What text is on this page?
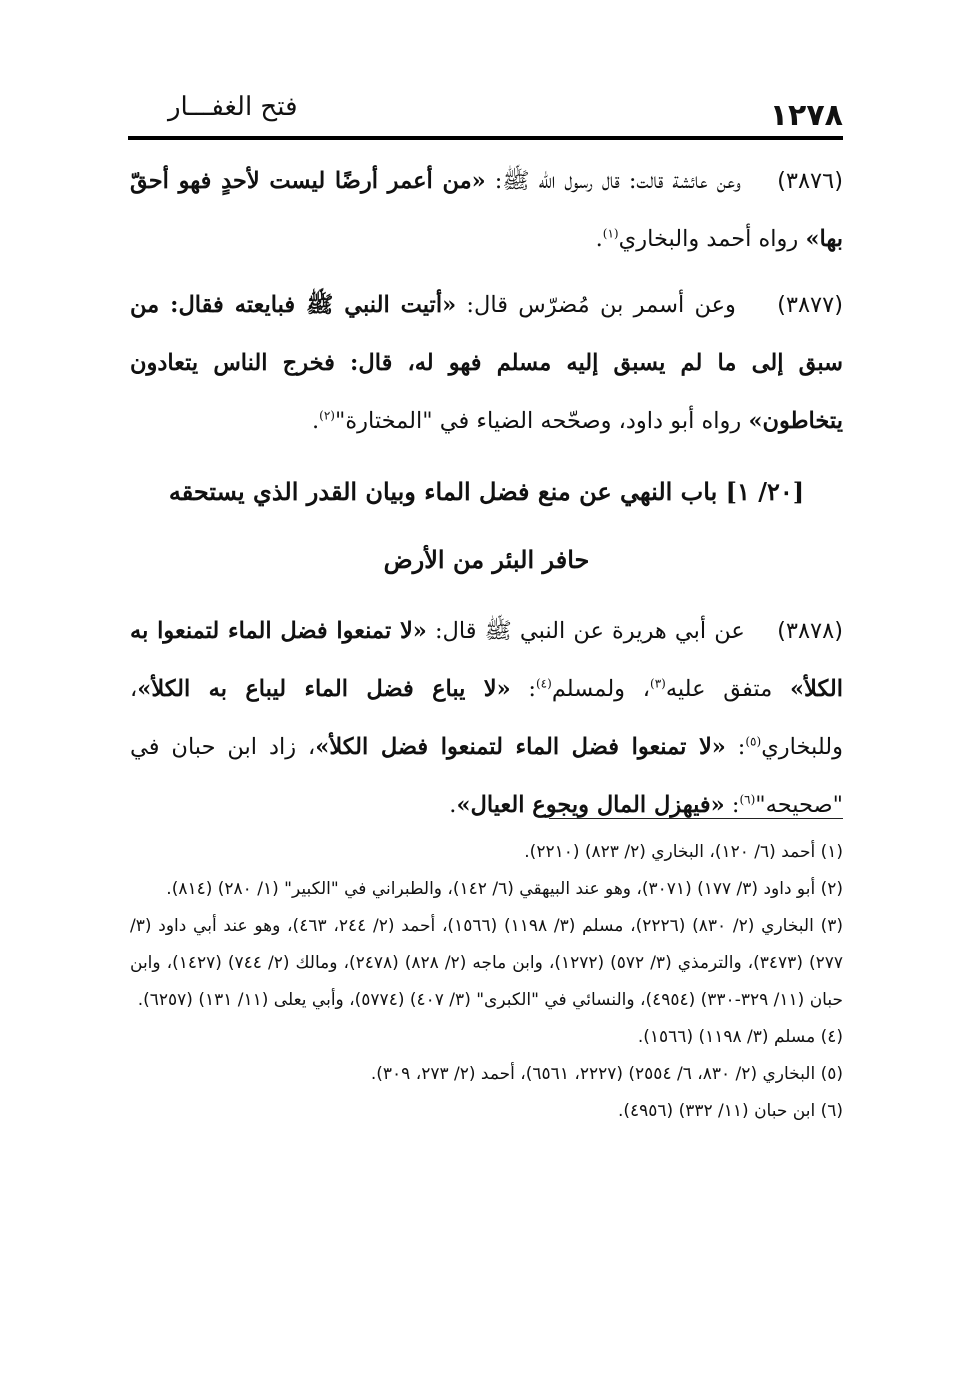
١٢٧٨
فتح الغفـــار

(٣٨٧٦)    وعن عائشة قالت: قال رسول الله ﷺ: «من أعمر أرضًا ليست لأحدٍ فهو أحقّ بها» رواه أحمد والبخاري$^{(١)}$.

(٣٨٧٧)    وعن أسمر بن مُضرّس قال: «أتيت النبي ﷺ فبايعته فقال: من سبق إلى ما لم يسبق إليه مسلم فهو له، قال: فخرج الناس يتعادون يتخاطون» رواه أبو داود، وصحّحه الضياء في "المختارة"$^{(٢)}$.

[٢٠/ ١] باب النهي عن منع فضل الماء وبيان القدر الذي يستحقه
حافر البئر من الأرض

(٣٨٧٨)    عن أبي هريرة عن النبي ﷺ قال: «لا تمنعوا فضل الماء لتمنعوا به الكلأ» متفق عليه$^{(٣)}$، ولمسلم$^{(٤)}$: «لا يباع فضل الماء ليباع به الكلأ»، وللبخاري$^{(٥)}$: «لا تمنعوا فضل الماء لتمنعوا فضل الكلأ»، زاد ابن حبان في "صحيحه"$^{(٦)}$: «فيهزل المال ويجوع العيال».

(١) أحمد (٦/ ١٢٠)، البخاري (٢/ ٨٢٣) (٢٢١٠).

(٢) أبو داود (٣/ ١٧٧) (٣٠٧١)، وهو عند البيهقي (٦/ ١٤٢)، والطبراني في "الكبير" (١/ ٢٨٠) (٨١٤).

(٣) البخاري (٢/ ٨٣٠) (٢٢٢٦)، مسلم (٣/ ١١٩٨) (١٥٦٦)، أحمد (٢/ ٢٤٤، ٤٦٣)، وهو عند أبي داود (٣/ ٢٧٧) (٣٤٧٣)، والترمذي (٣/ ٥٧٢) (١٢٧٢)، وابن ماجه (٢/ ٨٢٨) (٢٤٧٨)، ومالك (٢/ ٧٤٤) (١٤٢٧)، وابن حبان (١١/ ٣٢٩-٣٣٠) (٤٩٥٤)، والنسائي في "الكبرى" (٣/ ٤٠٧) (٥٧٧٤)، وأبي يعلى (١١/ ١٣١) (٦٢٥٧).

(٤) مسلم (٣/ ١١٩٨) (١٥٦٦).

(٥) البخاري (٢/ ٨٣٠، ٦/ ٢٥٥٤) (٢٢٢٧، ٦٥٦١)، أحمد (٢/ ٢٧٣، ٣٠٩).

(٦) ابن حبان (١١/ ٣٣٢) (٤٩٥٦).
